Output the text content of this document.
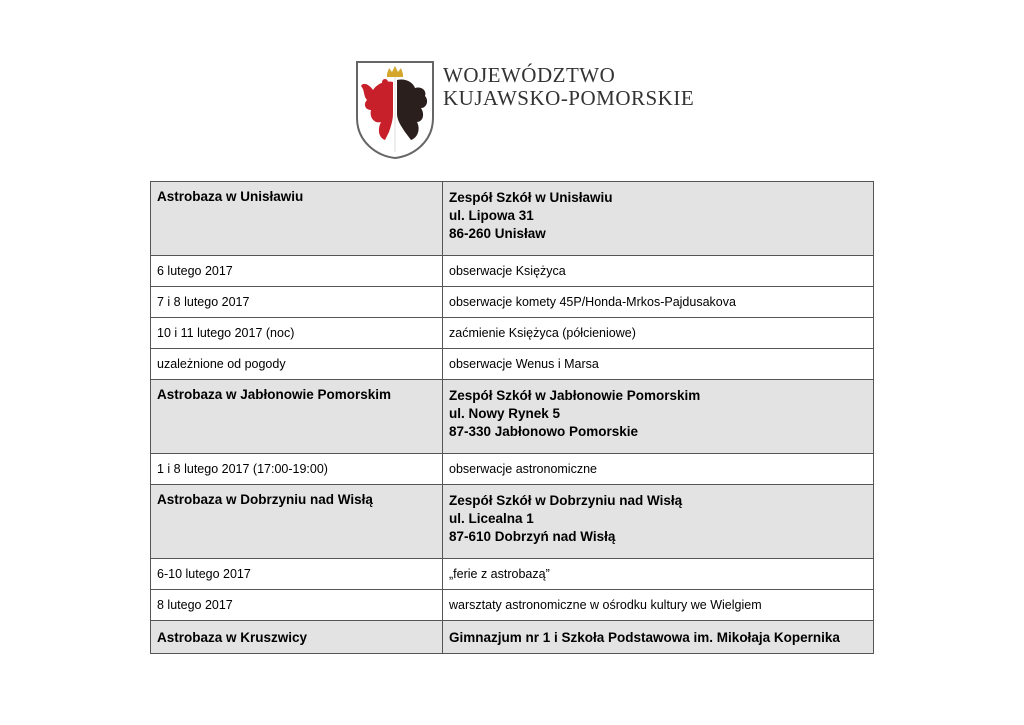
WOJEWÓDZTWO
KUJAWSKO-POMORSKIE
Astrobaza w Unisławiu	Zespół Szkół w Unisławiu
ul. Lipowa 31
86-260 Unisław

6 lutego 2017	obserwacje Księżyca
7 i 8 lutego 2017	obserwacje komety 45P/Honda-Mrkos-Pajdusakova
10 i 11 lutego 2017 (noc)	zaćmienie Księżyca (półcieniowe)
uzależnione od pogody	obserwacje Wenus i Marsa
Astrobaza w Jabłonowie Pomorskim	Zespół Szkół w Jabłonowie Pomorskim
ul. Nowy Rynek 5
87-330 Jabłonowo Pomorskie

1 i 8 lutego 2017 (17:00-19:00)	obserwacje astronomiczne
Astrobaza w Dobrzyniu nad Wisłą	Zespół Szkół w Dobrzyniu nad Wisłą
ul. Licealna 1
87-610 Dobrzyń nad Wisłą

6-10 lutego 2017	„ferie z astrobazą”
8 lutego 2017	warsztaty astronomiczne w ośrodku kultury we Wielgiem
Astrobaza w Kruszwicy	Gimnazjum nr 1 i Szkoła Podstawowa im. Mikołaja Kopernika
